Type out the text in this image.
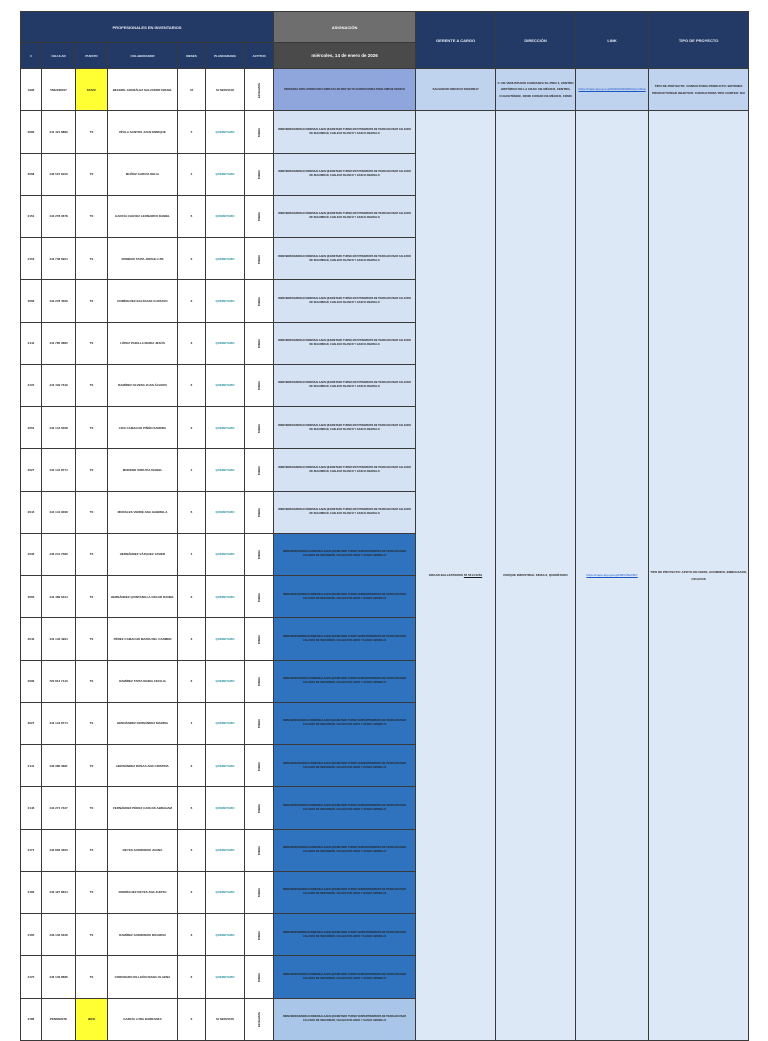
PROFESIONALES EN INVENTARIOS							ASIGNACIÓN	GERENTE A CARGO	DIRECCIÓN	LINK	TIPO DE PROYECTO
#	CELULAR	PUESTO	COLABORADOR	MESES	PLANOGRAMA	ACTITUD	miércoles, 14 de enero de 2026				
1996	5562238017	STAFF	BECERIL GONZÁLEZ SALVADOR ISRAEL	44	SI SERVICIO	EXCELENTE	PERSONAS PARA OPERACION COMPLETA EN PROYECTO GURPO/CONSULTORIA ABBVIE OROZCO	SALVADOR OROZCO 562238017	C. DE VENUSTIANO CARRANZA 52–PISO 4, CENTRO HISTÓRICO DE LA CDAD. DE MÉXICO, CENTRO, CUAUHTÉMOC, 06000 CIUDAD DE MÉXICO, CDMX	https://maps.app.goo.gl/AtiN9HVDhWDx2ymvSCA	TIPO DE PROYECTO: CONSULTORIA PRODUCTO: BOTONES PRODUCTIVIDAD OBJETIVO: CONSULTORIA TIPO CONTEO: N/A
2083	444 421 8889	TX	DÍVILA SANTOS JUAN ENRIQUE	5	QUERETARO	BUENA	BIENVENIDOAINDICACIONESSALAAEN QUERETARO TURNO MATUTINO/ROPA DE TRABAJO/USAR CALZADO DE SEGURIDAD, CHALECO BLANCO Y GASCO AMARILLO	EDGAR BALLESTEROS 55 5414 0261	PARQUE INDUSTRIAL FINSA II, QUERÉTARO	https://maps.app.goo.gl/cMDUNwh5b7	TIPO DE PROYECTO: APOYO EN CEDIS, ACOMODO, EMBOLSADO, CICLICOS
2068	446 537 8109	TX	MUÑOZ GARCÍA DELIA	4	QUERETARO	BUENA	BIENVENIDOAINDICACIONESSALAAEN QUERETARO TURNO MATUTINO/ROPA DE TRABAJO/USAR CALZADO DE SEGURIDAD, CHALECO BLANCO Y GASCO AMARILLO				
2151	444 278 0678	TX	GARCÍA CHÁVEZ LEONARDO DANIEL	6	QUERETARO	BUENA	BIENVENIDOAINDICACIONESSALAAEN QUERETARO TURNO MATUTINO/ROPA DE TRABAJO/USAR CALZADO DE SEGURIDAD, CHALECO BLANCO Y GASCO AMARILLO				
2152	444 748 6904	TX	ROMERO TAPIA JORGE LUIS	6	QUERETARO	BUENA	BIENVENIDOAINDICACIONESSALAAEN QUERETARO TURNO MATUTINO/ROPA DE TRABAJO/USAR CALZADO DE SEGURIDAD, CHALECO BLANCO Y GASCO AMARILLO				
2066	442 278 4569	TX	DOMÍNGUEZ BALTAZAR GUSTAVO	6	QUERETARO	BUENA	BIENVENIDOAINDICACIONESSALAAEN QUERETARO TURNO MATUTINO/ROPA DE TRABAJO/USAR CALZADO DE SEGURIDAD, CHALECO BLANCO Y GASCO AMARILLO				
2144	444 785 0880	TX	LÓPEZ PADILLA MARIA JESÚS	6	QUERETARO	BUENA	BIENVENIDOAINDICACIONESSALAAEN QUERETARO TURNO MATUTINO/ROPA DE TRABAJO/USAR CALZADO DE SEGURIDAD, CHALECO BLANCO Y GASCO AMARILLO				
2137	444 449 7349	TX	RAMÍREZ OLVERA JUAN ÁLVARO	6	QUERETARO	BUENA	BIENVENIDOAINDICACIONESSALAAEN QUERETARO TURNO MATUTINO/ROPA DE TRABAJO/USAR CALZADO DE SEGURIDAD, CHALECO BLANCO Y GASCO AMARILLO				
2054	442 144 5098	TX	LIRA CAMACHO PIÑÓN SANDRA	6	QUERETARO	BUENA	BIENVENIDOAINDICACIONESSALAAEN QUERETARO TURNO MATUTINO/ROPA DE TRABAJO/USAR CALZADO DE SEGURIDAD, CHALECO BLANCO Y GASCO AMARILLO				
2027	444 144 8774	TX	MORENO URRUTIA ISABEL	4	QUERETARO	BUENA	BIENVENIDOAINDICACIONESSALAAEN QUERETARO TURNO MATUTINO/ROPA DE TRABAJO/USAR CALZADO DE SEGURIDAD, CHALECO BLANCO Y GASCO AMARILLO				
2044	444 144 9098	TX	MORALES VERDE ANA GABRIELA	6	QUERETARO	BUENA	BIENVENIDOAINDICACIONESSALAAEN QUERETARO TURNO MATUTINO/ROPA DE TRABAJO/USAR CALZADO DE SEGURIDAD, CHALECO BLANCO Y GASCO AMARILLO				
2036	446 241 7589	TX	HERNÁNDEZ VÁZQUEZ JAVIER	4	QUERETARO	BUENA	BIENVENIDOAINDICACIONESSALAAEN QUERETARO TURNO VESPERTINO/ROPA DE TRABAJO/USAR CALZADO DE SEGURIDAD, CHALECO BLANCO Y GASCO AMARILLO				
2065	444 489 6424	TX	HERNÁNDEZ QUINTANILLA OSCAR DANIEL	6	QUERETARO	BUENA	BIENVENIDOAINDICACIONESSALAAEN QUERETARO TURNO VESPERTINO/ROPA DE TRABAJO/USAR CALZADO DE SEGURIDAD, CHALECO BLANCO Y GASCO AMARILLO				
2043	444 143 4994	TX	PÉREZ CAMACHO MARIA DEL CARMEN	6	QUERETARO	BUENA	BIENVENIDOAINDICACIONESSALAAEN QUERETARO TURNO VESPERTINO/ROPA DE TRABAJO/USAR CALZADO DE SEGURIDAD, CHALECO BLANCO Y GASCO AMARILLO				
2096	720 813 7143	TX	RAMÍREZ TAPIA MARIA CECILIA	6	QUERETARO	BUENA	BIENVENIDOAINDICACIONESSALAAEN QUERETARO TURNO VESPERTINO/ROPA DE TRABAJO/USAR CALZADO DE SEGURIDAD, CHALECO BLANCO Y GASCO AMARILLO				
2027	444 144 8774	TX	HERNÁNDEZ FERNÁNDEZ MARINA	4	QUERETARO	BUENA	BIENVENIDOAINDICACIONESSALAAEN QUERETARO TURNO VESPERTINO/ROPA DE TRABAJO/USAR CALZADO DE SEGURIDAD, CHALECO BLANCO Y GASCO AMARILLO				
2141	446 386 3681	TX	HERNÁNDEZ ROSAS ANA CRISTINA	6	QUERETARO	BUENA	BIENVENIDOAINDICACIONESSALAAEN QUERETARO TURNO VESPERTINO/ROPA DE TRABAJO/USAR CALZADO DE SEGURIDAD, CHALECO BLANCO Y GASCO AMARILLO				
2146	444 274 7427	TX	FERNÁNDEZ PÉREZ CARLOS ABRAHAM	6	QUERETARO	BUENA	BIENVENIDOAINDICACIONESSALAAEN QUERETARO TURNO VESPERTINO/ROPA DE TRABAJO/USAR CALZADO DE SEGURIDAD, CHALECO BLANCO Y GASCO AMARILLO				
2171	442 863 3363	TX	REYES GUERRERO JOANA	6	QUERETARO	BUENA	BIENVENIDOAINDICACIONESSALAAEN QUERETARO TURNO VESPERTINO/ROPA DE TRABAJO/USAR CALZADO DE SEGURIDAD, CHALECO BLANCO Y GASCO AMARILLO				
2166	446 427 8624	TX	RODRÍGUEZ REYES ANA JUDITH	6	QUERETARO	BUENA	BIENVENIDOAINDICACIONESSALAAEN QUERETARO TURNO VESPERTINO/ROPA DE TRABAJO/USAR CALZADO DE SEGURIDAD, CHALECO BLANCO Y GASCO AMARILLO				
2165	446 146 6428	TX	RAMÍREZ GUERRERO RICARDO	6	QUERETARO	BUENA	BIENVENIDOAINDICACIONESSALAAEN QUERETARO TURNO VESPERTINO/ROPA DE TRABAJO/USAR CALZADO DE SEGURIDAD, CHALECO BLANCO Y GASCO AMARILLO				
2170	446 146 8686	TX	CORONADO DE LEÓN DIANA OLAENA	6	QUERETARO	BUENA	BIENVENIDOAINDICACIONESSALAAEN QUERETARO TURNO VESPERTINO/ROPA DE TRABAJO/USAR CALZADO DE SEGURIDAD, CHALECO BLANCO Y GASCO AMARILLO				
2186	PENDIENTE	JEFE	GARCÍA LUNA BARRANZA	6	SI SERVICIO	EXCELENTE	BIENVENIDOAINDICACIONESSALAAEN QUERETARO TURNO VESPERTINO/ROPA DE TRABAJO/USAR CALZADO DE SEGURIDAD, CHALECO BLANCO Y GASCO AMARILLO				
